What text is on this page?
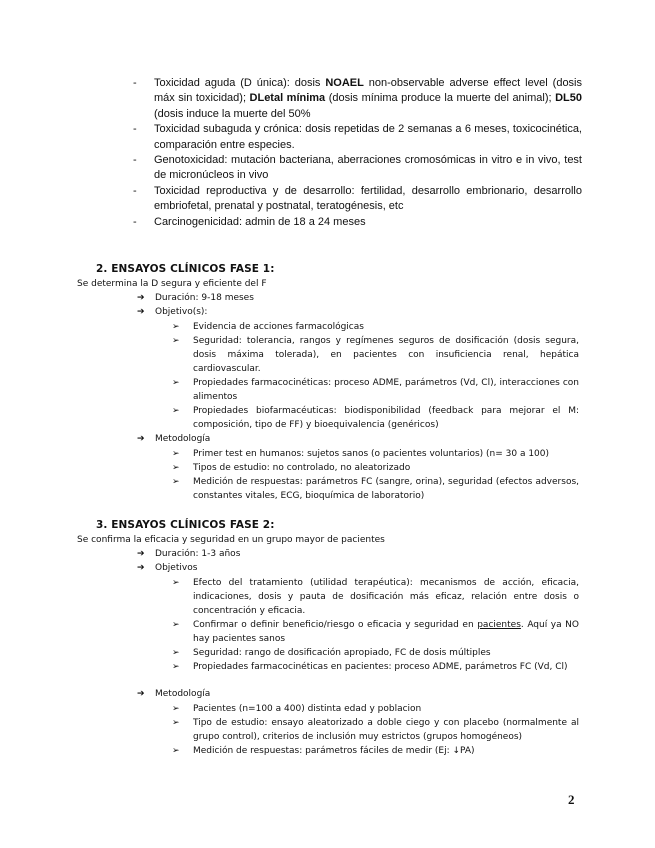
- Toxicidad aguda (D única): dosis NOAEL non-observable adverse effect level (dosis máx sin toxicidad); DLetal mínima (dosis mínima produce la muerte del animal); DL50 (dosis induce la muerte del 50%
- Toxicidad subaguda y crónica: dosis repetidas de 2 semanas a 6 meses, toxicocinética, comparación entre especies.
- Genotoxicidad: mutación bacteriana, aberraciones cromosómicas in vitro e in vivo, test de micronúcleos in vivo
- Toxicidad reproductiva y de desarrollo: fertilidad, desarrollo embrionario, desarrollo embriofetal, prenatal y postnatal, teratogénesis, etc
- Carcinogenicidad: admin de 18 a 24 meses
2. ENSAYOS CLÍNICOS FASE 1:
Se determina la D segura y eficiente del F
➔ Duración: 9-18 meses
➔ Objetivo(s):

➢ Evidencia de acciones farmacológicas

➢ Seguridad: tolerancia, rangos y regímenes seguros de dosificación (dosis segura, dosis máxima tolerada), en pacientes con insuficiencia renal, hepática cardiovascular.

➢ Propiedades farmacocinéticas: proceso ADME, parámetros (Vd, Cl), interacciones con alimentos

➢ Propiedades biofarmacéuticas: biodisponibilidad (feedback para mejorar el M: composición, tipo de FF) y bioequivalencia (genéricos)

➔ Metodología

➢ Primer test en humanos: sujetos sanos (o pacientes voluntarios) (n= 30 a 100)

➢ Tipos de estudio: no controlado, no aleatorizado

➢ Medición de respuestas: parámetros FC (sangre, orina), seguridad (efectos adversos, constantes vitales, ECG, bioquímica de laboratorio)

3. ENSAYOS CLÍNICOS FASE 2:
Se confirma la eficacia y seguridad en un grupo mayor de pacientes
➔ Duración: 1-3 años
➔ Objetivos

➢ Efecto del tratamiento (utilidad terapéutica): mecanismos de acción, eficacia, indicaciones, dosis y pauta de dosificación más eficaz, relación entre dosis o concentración y eficacia.

➢ Confirmar o definir beneficio/riesgo o eficacia y seguridad en pacientes. Aquí ya NO hay pacientes sanos

➢ Seguridad: rango de dosificación apropiado, FC de dosis múltiples

➢ Propiedades farmacocinéticas en pacientes: proceso ADME, parámetros FC (Vd, Cl)

➔ Metodología

➢ Pacientes (n=100 a 400) distinta edad y poblacion

➢ Tipo de estudio: ensayo aleatorizado a doble ciego y con placebo (normalmente al grupo control), criterios de inclusión muy estrictos (grupos homogéneos)

➢ Medición de respuestas: parámetros fáciles de medir (Ej: ↓PA)

2
